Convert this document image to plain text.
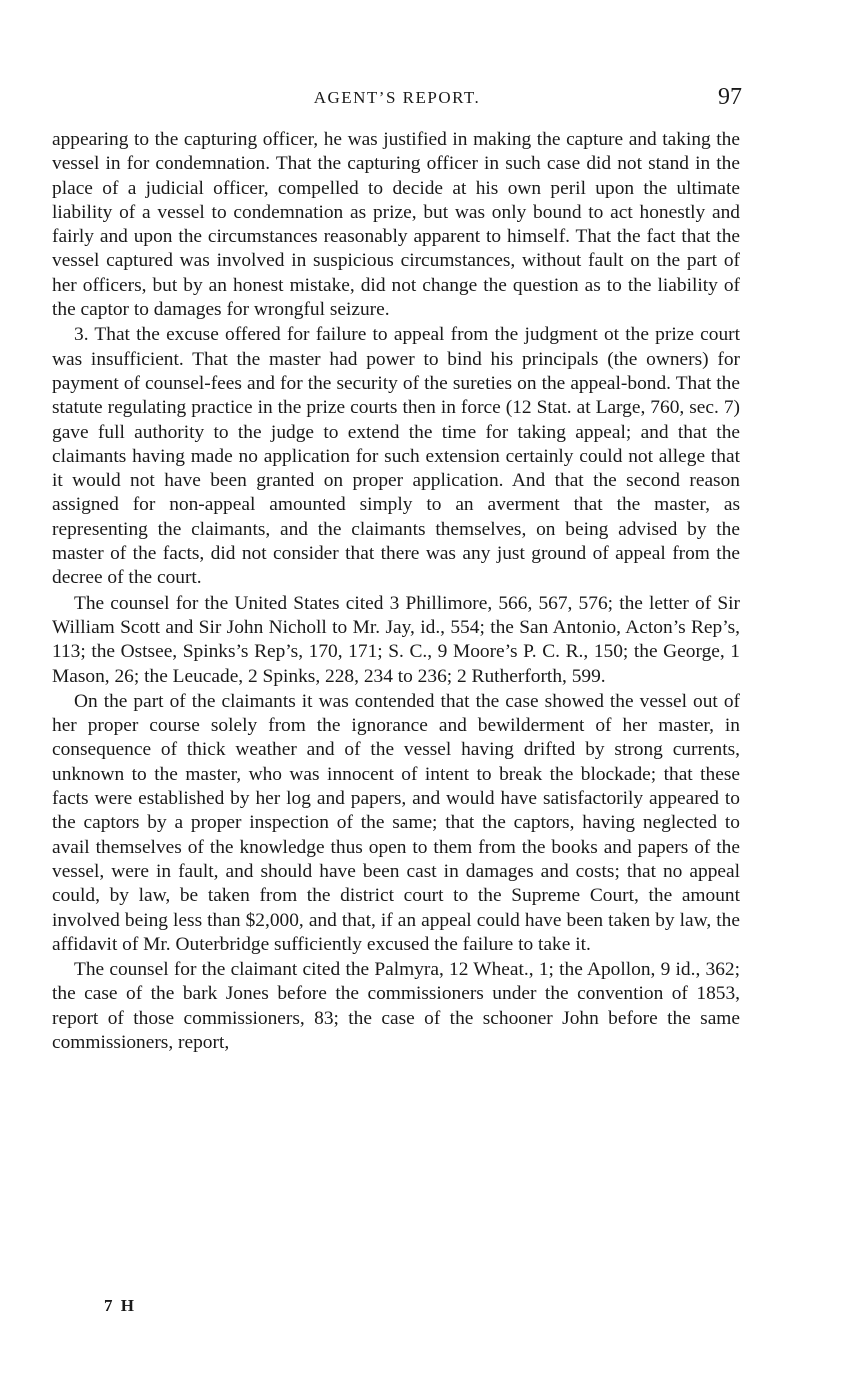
AGENT’S REPORT.	97

appearing to the capturing officer, he was justified in making the capture and taking the vessel in for condemnation. That the capturing officer in such case did not stand in the place of a judicial officer, compelled to decide at his own peril upon the ultimate liability of a vessel to condemnation as prize, but was only bound to act honestly and fairly and upon the circumstances reasonably apparent to himself. That the fact that the vessel captured was involved in suspicious circumstances, without fault on the part of her officers, but by an honest mistake, did not change the question as to the liability of the captor to damages for wrongful seizure.

3. That the excuse offered for failure to appeal from the judgment ot the prize court was insufficient. That the master had power to bind his principals (the owners) for payment of counsel-fees and for the security of the sureties on the appeal-bond. That the statute regulating practice in the prize courts then in force (12 Stat. at Large, 760, sec. 7) gave full authority to the judge to extend the time for taking appeal; and that the claimants having made no application for such extension certainly could not allege that it would not have been granted on proper application. And that the second reason assigned for non-appeal amounted simply to an averment that the master, as representing the claimants, and the claimants themselves, on being advised by the master of the facts, did not consider that there was any just ground of appeal from the decree of the court.

The counsel for the United States cited 3 Phillimore, 566, 567, 576; the letter of Sir William Scott and Sir John Nicholl to Mr. Jay, id., 554; the San Antonio, Acton’s Rep’s, 113; the Ostsee, Spinks’s Rep’s, 170, 171; S. C., 9 Moore’s P. C. R., 150; the George, 1 Mason, 26; the Leucade, 2 Spinks, 228, 234 to 236; 2 Rutherforth, 599.

On the part of the claimants it was contended that the case showed the vessel out of her proper course solely from the ignorance and bewilderment of her master, in consequence of thick weather and of the vessel having drifted by strong currents, unknown to the master, who was innocent of intent to break the blockade; that these facts were established by her log and papers, and would have satisfactorily appeared to the captors by a proper inspection of the same; that the captors, having neglected to avail themselves of the knowledge thus open to them from the books and papers of the vessel, were in fault, and should have been cast in damages and costs; that no appeal could, by law, be taken from the district court to the Supreme Court, the amount involved being less than $2,000, and that, if an appeal could have been taken by law, the affidavit of Mr. Outerbridge sufficiently excused the failure to take it.

The counsel for the claimant cited the Palmyra, 12 Wheat., 1; the Apollon, 9 id., 362; the case of the bark Jones before the commissioners under the convention of 1853, report of those commissioners, 83; the case of the schooner John before the same commissioners, report,

7 H
